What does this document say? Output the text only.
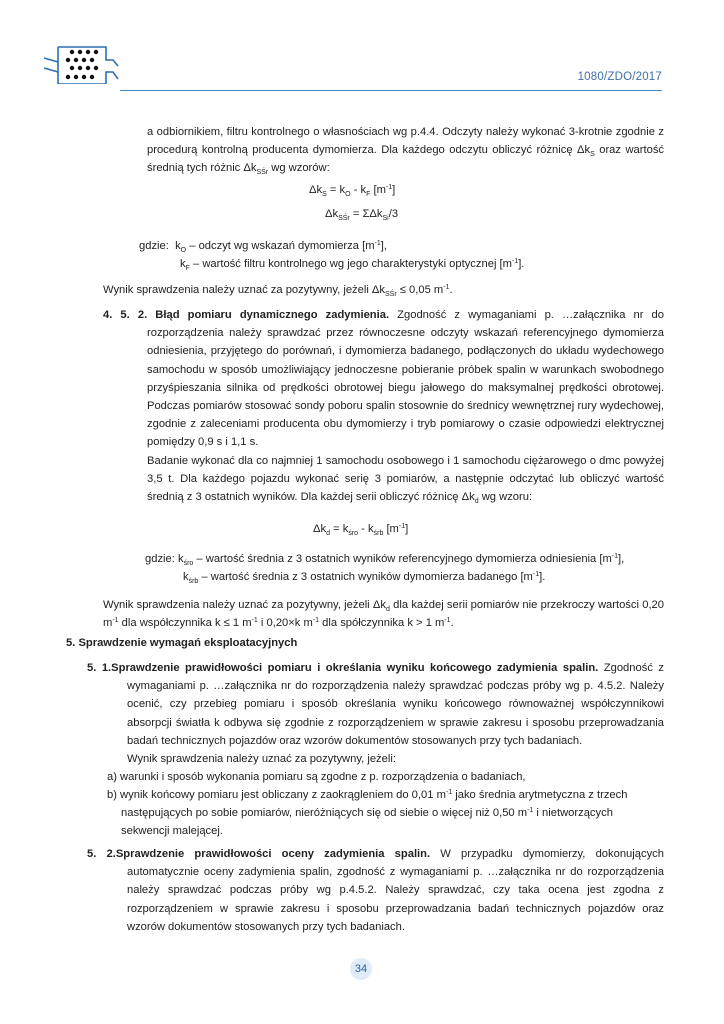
1080/ZDO/2017

a odbiornikiem, filtru kontrolnego o własnościach wg p.4.4. Odczyty należy wykonać 3-krotnie zgodnie z procedurą kontrolną producenta dymomierza. Dla każdego odczytu obliczyć różnicę $\Delta k_S$ oraz wartość średnią tych różnic $\Delta k_{SŚr}$ wg wzorów:

$\Delta k_S = k_O - k_F$ $[m^{-1}]$
$\Delta k_{SŚr} = \Sigma\Delta k_{Si}/3$
gdzie: $k_O$ – odczyt wg wskazań dymomierza $[m^{-1}]$,
$k_F$ – wartość filtru kontrolnego wg jego charakterystyki optycznej $[m^{-1}]$.
Wynik sprawdzenia należy uznać za pozytywny, jeżeli $\Delta k_{SŚr} \le 0,05$ $m^{-1}$.

4. 5. 2. Błąd pomiaru dynamicznego zadymienia. Zgodność z wymaganiami p. …załącznika nr do rozporządzenia należy sprawdzać przez równoczesne odczyty wskazań referencyjnego dymomierza odniesienia, przyjętego do porównań, i dymomierza badanego, podłączonych do układu wydechowego samochodu w sposób umożliwiający jednoczesne pobieranie próbek spalin w warunkach swobodnego przyśpieszania silnika od prędkości obrotowej biegu jałowego do maksymalnej prędkości obrotowej. Podczas pomiarów stosować sondy poboru spalin stosownie do średnicy wewnętrznej rury wydechowej, zgodnie z zaleceniami producenta obu dymomierzy i tryb pomiarowy o czasie odpowiedzi elektrycznej pomiędzy 0,9 s i 1,1 s.

Badanie wykonać dla co najmniej 1 samochodu osobowego i 1 samochodu ciężarowego o dmc powyżej 3,5 t. Dla każdego pojazdu wykonać serię 3 pomiarów, a następnie odczytać lub obliczyć wartość średnią z 3 ostatnich wyników. Dla każdej serii obliczyć różnicę $\Delta k_d$ wg wzoru:

$\Delta k_d = k_{śro} - k_{śrb}$ $[m^{-1}]$
gdzie: $k_{śro}$ – wartość średnia z 3 ostatnich wyników referencyjnego dymomierza odniesienia $[m^{-1}]$,
$k_{śrb}$ – wartość średnia z 3 ostatnich wyników dymomierza badanego $[m^{-1}]$.

Wynik sprawdzenia należy uznać za pozytywny, jeżeli $\Delta k_d$ dla każdej serii pomiarów nie przekroczy wartości 0,20 $m^{-1}$ dla współczynnika k ≤ 1 $m^{-1}$ i 0,20×k $m^{-1}$ dla spółczynnika k > 1 $m^{-1}$.

5. Sprawdzenie wymagań eksploatacyjnych

5. 1.Sprawdzenie prawidłowości pomiaru i określania wyniku końcowego zadymienia spalin. Zgodność z wymaganiami p. …załącznika nr do rozporządzenia należy sprawdzać podczas próby wg p. 4.5.2. Należy ocenić, czy przebieg pomiaru i sposób określania wyniku końcowego równoważnej współczynnikowi absorpcji światła k odbywa się zgodnie z rozporządzeniem w sprawie zakresu i sposobu przeprowadzania badań technicznych pojazdów oraz wzorów dokumentów stosowanych przy tych badaniach.

Wynik sprawdzenia należy uznać za pozytywny, jeżeli:
a) warunki i sposób wykonania pomiaru są zgodne z p. rozporządzenia o badaniach,
b) wynik końcowy pomiaru jest obliczany z zaokrągleniem do 0,01 $m^{-1}$ jako średnia arytmetyczna z trzech
następujących po sobie pomiarów, nieróżniących się od siebie o więcej niż 0,50 $m^{-1}$ i nietworzących
sekwencji malejącej.

5. 2.Sprawdzenie prawidłowości oceny zadymienia spalin. W przypadku dymomierzy, dokonujących automatycznie oceny zadymienia spalin, zgodność z wymaganiami p. …załącznika nr do rozporządzenia należy sprawdzać podczas próby wg p.4.5.2. Należy sprawdzać, czy taka ocena jest zgodna z rozporządzeniem w sprawie zakresu i sposobu przeprowadzania badań technicznych pojazdów oraz wzorów dokumentów stosowanych przy tych badaniach.

34
